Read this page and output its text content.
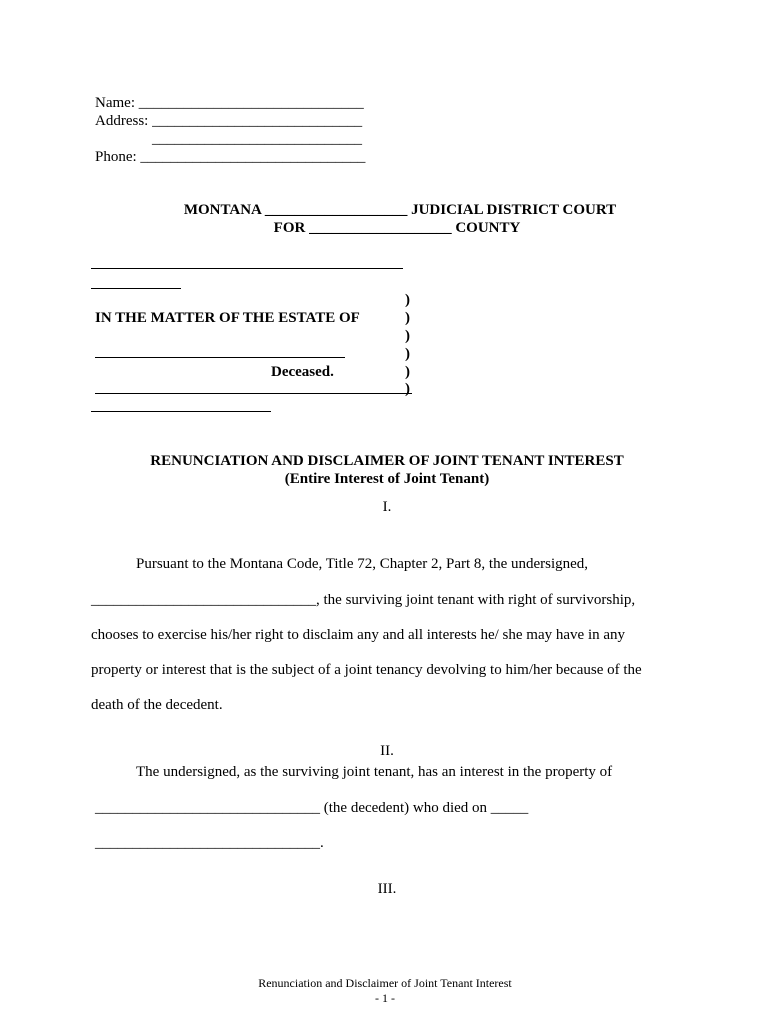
Name: ______________________________
Address: ____________________________
____________________________
Phone: ______________________________
MONTANA ___________________ JUDICIAL DISTRICT COURT
FOR ___________________ COUNTY
)
)
)
)
)
)
IN THE MATTER OF THE ESTATE OF
Deceased.
RENUNCIATION AND DISCLAIMER OF JOINT TENANT INTEREST
(Entire Interest of Joint Tenant)
I.
Pursuant to the Montana Code, Title 72, Chapter 2, Part 8, the undersigned,
______________________________, the surviving joint tenant with right of survivorship,
chooses to exercise his/her right to disclaim any and all interests he/ she may have in any
property or interest that is the subject of a joint tenancy devolving to him/her because of the
death of the decedent.
II.
The undersigned, as the surviving joint tenant, has an interest in the property of
______________________________ (the decedent) who died on _____
______________________________.
III.
Renunciation and Disclaimer of Joint Tenant Interest
- 1 -
